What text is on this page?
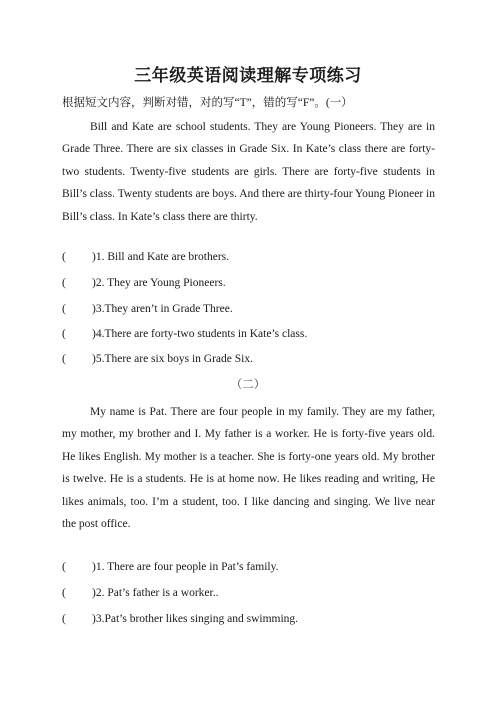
三年级英语阅读理解专项练习
根据短文内容，判断对错，对的写“T”，错的写“F”。(一）

Bill and Kate are school students. They are Young Pioneers. They are in Grade Three. There are six classes in Grade Six. In Kate’s class there are forty-two students. Twenty-five students are girls. There are forty-five students in Bill’s class. Twenty students are boys. And there are thirty-four Young Pioneer in Bill’s class. In Kate’s class there are thirty.

( )1. Bill and Kate are brothers.
( )2. They are Young Pioneers.
( )3.They aren’t in Grade Three.
( )4.There are forty-two students in Kate’s class.
( )5.There are six boys in Grade Six.
（二）

My name is Pat. There are four people in my family. They are my father, my mother, my brother and I. My father is a worker. He is forty-five years old. He likes English. My mother is a teacher. She is forty-one years old. My brother is twelve. He is a students. He is at home now. He likes reading and writing, He likes animals, too. I’m a student, too. I like dancing and singing. We live near the post office.

( )1. There are four people in Pat’s family.
( )2. Pat’s father is a worker..
( )3.Pat’s brother likes singing and swimming.
